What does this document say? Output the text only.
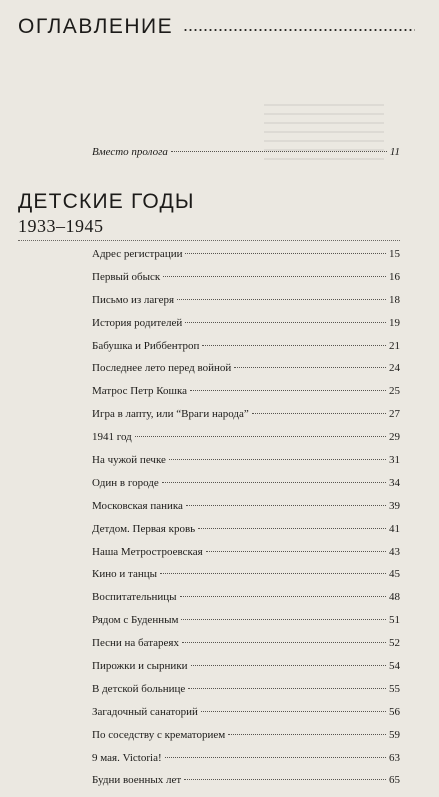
ОГЛАВЛЕНИЕ
Вместо пролога	11
ДЕТСКИЕ ГОДЫ
1933–1945
Адрес регистрации	15
Первый обыск	16
Письмо из лагеря	18
История родителей	19
Бабушка и Риббентроп	21
Последнее лето перед войной	24
Матрос Петр Кошка	25
Игра в лапту, или “Враги народа”	27
1941 год	29
На чужой печке	31
Один в городе	34
Московская паника	39
Детдом. Первая кровь	41
Наша Метростроевская	43
Кино и танцы	45
Воспитательницы	48
Рядом с Буденным	51
Песни на батареях	52
Пирожки и сырники	54
В детской больнице	55
Загадочный санаторий	56
По соседству с крематорием	59
9 мая. Victoria!	63
Будни военных лет	65
